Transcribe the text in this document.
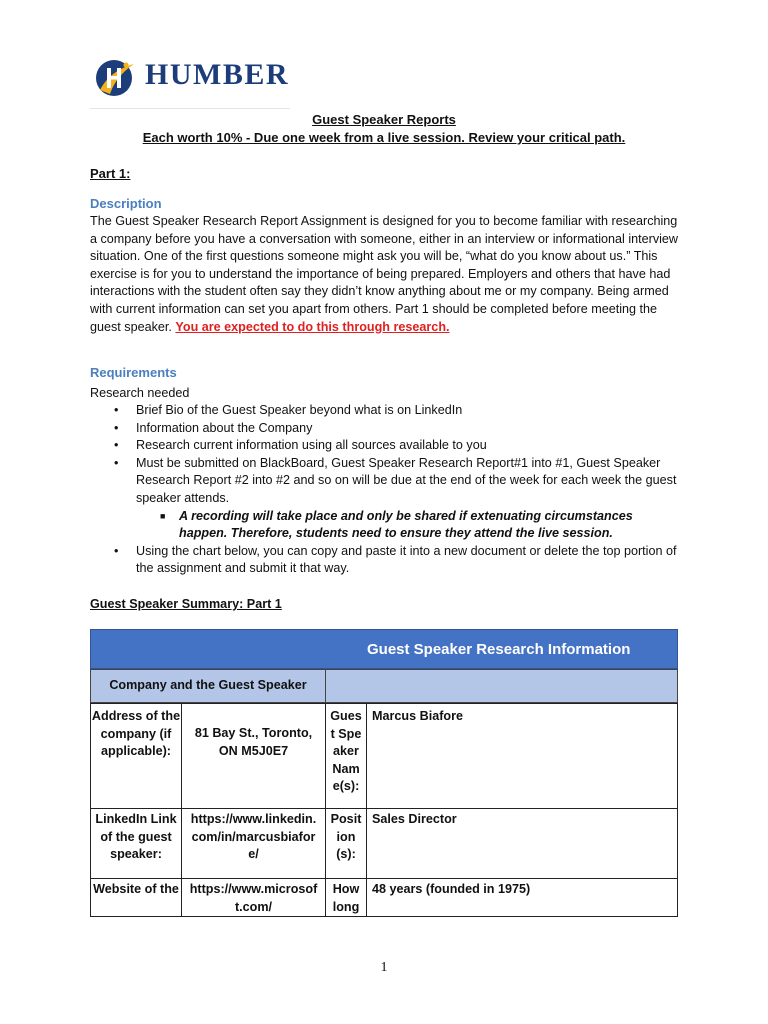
HUMBER
Guest Speaker Reports
Each worth 10% - Due one week from a live session. Review your critical path.
Part 1:
Description
The Guest Speaker Research Report Assignment is designed for you to become familiar with researching a company before you have a conversation with someone, either in an interview or informational interview situation. One of the first questions someone might ask you will be, “what do you know about us.” This exercise is for you to understand the importance of being prepared. Employers and others that have had interactions with the student often say they didn’t know anything about me or my company. Being armed with current information can set you apart from others. Part 1 should be completed before meeting the guest speaker. You are expected to do this through research.
Requirements
Research needed
• Brief Bio of the Guest Speaker beyond what is on LinkedIn
• Information about the Company
• Research current information using all sources available to you
• Must be submitted on BlackBoard, Guest Speaker Research Report#1 into #1, Guest Speaker Research Report #2 into #2 and so on will be due at the end of the week for each week the guest speaker attends.
■ A recording will take place and only be shared if extenuating circumstances happen. Therefore, students need to ensure they attend the live session.
• Using the chart below, you can copy and paste it into a new document or delete the top portion of the assignment and submit it that way.
Guest Speaker Summary: Part 1
Guest Speaker Research Information
Company and the Guest Speaker
Address of the company (if applicable):
81 Bay St., Toronto, ON M5J0E7
Guest Speaker Name(s):
Marcus Biafore
LinkedIn Link of the guest speaker:
https://www.linkedin.com/in/marcusbiafore/
Position(s):
Sales Director
Website of the https://www.microsoft.com/
How long
48 years (founded in 1975)
1
